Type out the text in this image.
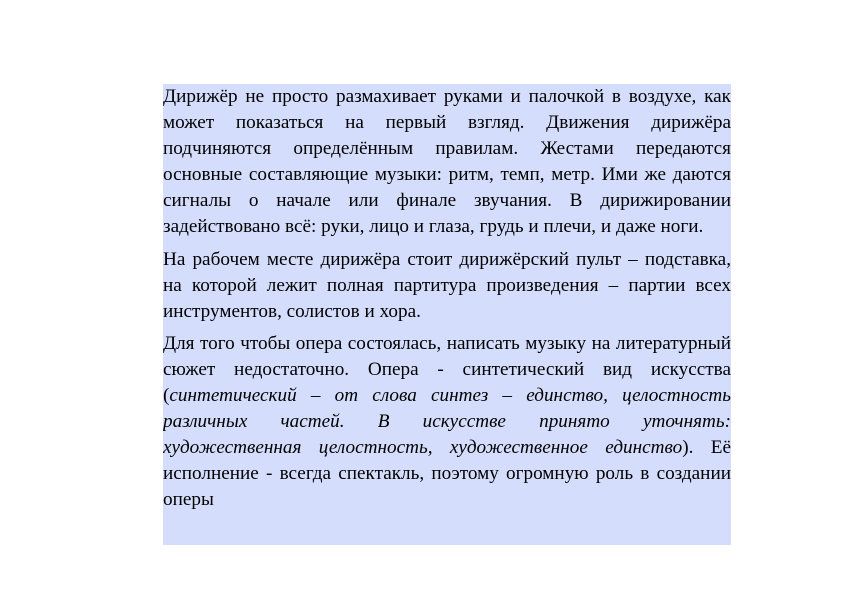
Дирижёр не просто размахивает руками и палочкой в воздухе, как может показаться на первый взгляд. Движения дирижёра подчиняются определённым правилам. Жестами передаются основные составляющие музыки: ритм, темп, метр. Ими же даются сигналы о начале или финале звучания. В дирижировании задействовано всё: руки, лицо и глаза, грудь и плечи, и даже ноги.

На рабочем месте дирижёра стоит дирижёрский пульт – подставка, на которой лежит полная партитура произведения – партии всех инструментов, солистов и хора.

Для того чтобы опера состоялась, написать музыку на литературный сюжет недостаточно. Опера - синтетический вид искусства (синтетический – от слова синтез – единство, целостность различных частей. В искусстве принято уточнять: художественная целостность, художественное единство). Её исполнение - всегда спектакль, поэтому огромную роль в создании оперы
